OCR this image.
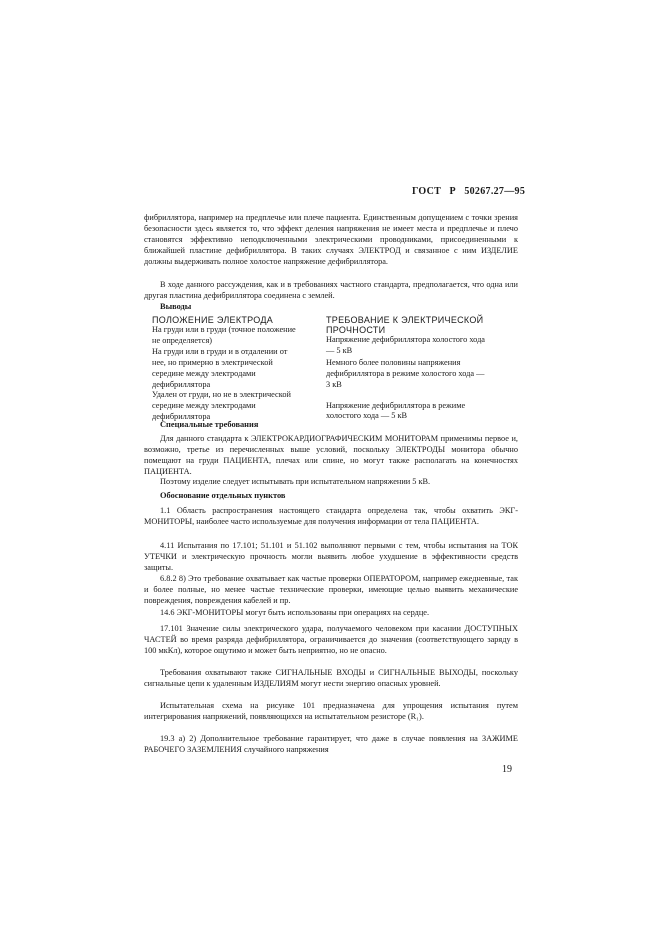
ГОСТ   Р   50267.27—95
фибриллятора, например на предплечье или плече пациента. Единственным допущением с точки зрения безопасности здесь является то, что эффект деления напряжения не имеет места и предплечье и плечо становятся эффективно неподключенными электрическими проводниками, присоединенными к ближайшей пластине дефибриллятора. В таких случаях ЭЛЕКТРОД и связанное с ним ИЗДЕЛИЕ должны выдерживать полное холостое напряжение дефибриллятора.
В ходе данного рассуждения, как и в требованиях частного стандарта, предполагается, что одна или другая пластина дефибриллятора соединена с землей.
Выводы
ПОЛОЖЕНИЕ ЭЛЕКТРОДА
На груди или в груди (точное положение не определяется)
На груди или в груди и в отдалении от нее, но примерно в электрической середине между электродами дефибриллятора
Удален от груди, но не в электрической середине между электродами дефибриллятора
ТРЕБОВАНИЕ К ЭЛЕКТРИЧЕСКОЙ ПРОЧНОСТИ
Напряжение дефибриллятора холостого хода — 5 кВ
Немного более половины напряжения дефибриллятора в режиме холостого хода — 3 кВ
Напряжение дефибриллятора в режиме холостого хода — 5 кВ
Специальные требования
Для данного стандарта к ЭЛЕКТРОКАРДИОГРАФИЧЕСКИМ МОНИТОРАМ применимы первое и, возможно, третье из перечисленных выше условий, поскольку ЭЛЕКТРОДЫ монитора обычно помещают на груди ПАЦИЕНТА, плечах или спине, но могут также располагать на конечностях ПАЦИЕНТА.
Поэтому изделие следует испытывать при испытательном напряжении 5 кВ.
Обоснование отдельных пунктов
1.1 Область распространения настоящего стандарта определена так, чтобы охватить ЭКГ-МОНИТОРЫ, наиболее часто используемые для получения информации от тела ПАЦИЕНТА.
4.11 Испытания по 17.101; 51.101 и 51.102 выполняют первыми с тем, чтобы испытания на ТОК УТЕЧКИ и электрическую прочность могли выявить любое ухудшение в эффективности средств защиты.
6.8.2 8) Это требование охватывает как частые проверки ОПЕРАТОРОМ, например ежедневные, так и более полные, но менее частые технические проверки, имеющие целью выявить механические повреждения, повреждения кабелей и пр.
14.6 ЭКГ-МОНИТОРЫ могут быть использованы при операциях на сердце.
17.101 Значение силы электрического удара, получаемого человеком при касании ДОСТУПНЫХ ЧАСТЕЙ во время разряда дефибриллятора, ограничивается до значения (соответствующего заряду в 100 мкКл), которое ощутимо и может быть неприятно, но не опасно.
Требования охватывают также СИГНАЛЬНЫЕ ВХОДЫ и СИГНАЛЬНЫЕ ВЫХОДЫ, поскольку сигнальные цепи к удаленным ИЗДЕЛИЯМ могут нести энергию опасных уровней.
Испытательная схема на рисунке 101 предназначена для упрощения испытания путем интегрирования напряжений, появляющихся на испытательном резисторе (R₁).
19.3 а) 2) Дополнительное требование гарантирует, что даже в случае появления на ЗАЖИМЕ РАБОЧЕГО ЗАЗЕМЛЕНИЯ случайного напряжения
19
